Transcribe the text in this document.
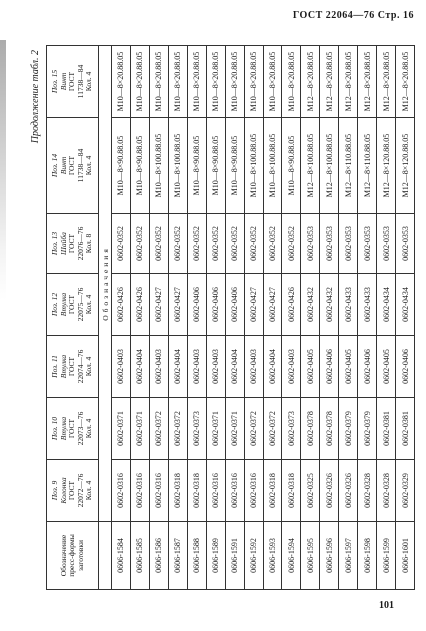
ГОСТ 22064—76 Стр. 16
Продолжение табл. 2
Обозначение пресс-формы заготовки	Поз. 9 Колонка ГОСТ 22072—76 Кол. 4	Поз. 10 Втулка ГОСТ 22073—76 Кол. 4	Поз. 11 Втулка ГОСТ 22074—76 Кол. 4	Поз. 12 Втулка ГОСТ 22075—76 Кол. 4	Поз. 13 Шайба ГОСТ 22076—76 Кол. 8	Поз. 14 Винт ГОСТ 11738—84 Кол. 4	Поз. 15 Винт ГОСТ 11738—84 Кол. 4

	Обозначения						
0606-1584	0602-0316	0602-0371	0602-0403	0602-0426	0602-0352	М10—8×90.88.05	М10—8×20.88.05
0606-1585	0602-0316	0602-0371	0602-0404	0602-0426	0602-0352	М10—8×90.88.05	М10—8×20.88.05
0606-1586	0602-0316	0602-0372	0602-0403	0602-0427	0602-0352	М10—8×100.88.05	М10—8×20.88.05
0606-1587	0602-0318	0602-0372	0602-0404	0602-0427	0602-0352	М10—8×100.88.05	М10—8×20.88.05
0606-1588	0602-0318	0602-0373	0602-0403	0602-0406	0602-0352	М10—8×90.88.05	М10—8×20.88.05
0606-1589	0602-0316	0602-0371	0602-0403	0602-0406	0602-0352	М10—8×90.88.05	М10—8×20.88.05
0606-1591	0602-0316	0602-0371	0602-0404	0602-0406	0602-0352	М10—8×90.88.05	М10—8×20.88.05
0606-1592	0602-0316	0602-0372	0602-0403	0602-0427	0602-0352	М10—8×100.88.05	М10—8×20.88.05
0606-1593	0602-0318	0602-0372	0602-0404	0602-0427	0602-0352	М10—8×100.88.05	М10—8×20.88.05
0606-1594	0602-0318	0602-0373	0602-0403	0602-0426	0602-0352	М10—8×90.88.05	М10—8×20.88.05
0606-1595	0602-0325	0602-0378	0602-0405	0602-0432	0602-0353	М12—8×100.88.05	М12—8×20.88.05
0606-1596	0602-0326	0602-0378	0602-0406	0602-0432	0602-0353	М12—8×100.88.05	М12—8×20.88.05
0606-1597	0602-0326	0602-0379	0602-0405	0602-0433	0602-0353	М12—8×110.88.05	М12—8×20.88.05
0606-1598	0602-0328	0602-0379	0602-0406	0602-0433	0602-0353	М12—8×110.88.05	М12—8×20.88.05
0606-1599	0602-0328	0602-0381	0602-0405	0602-0434	0602-0353	М12—8×120.88.05	М12—8×20.88.05
0606-1601	0602-0329	0602-0381	0602-0406	0602-0434	0602-0353	М12—8×120.88.05	М12—8×20.88.05
101
